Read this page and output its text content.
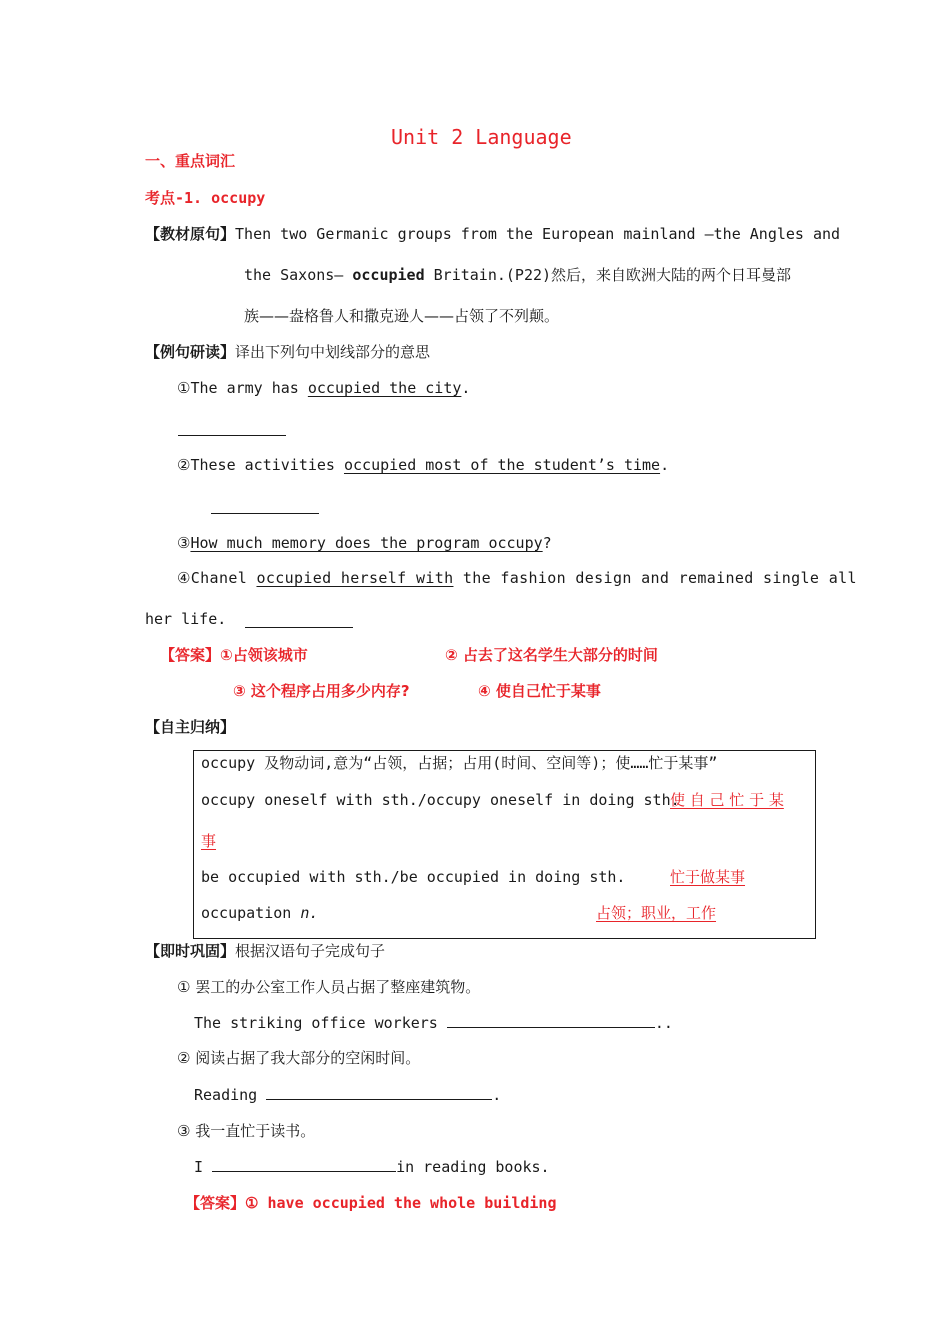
Unit 2 Language
一、重点词汇
考点-1. occupy
【教材原句】Then two Germanic groups from the European mainland —the Angles and
the Saxons— occupied Britain.(P22)然后，来自欧洲大陆的两个日耳曼部
族——盎格鲁人和撒克逊人——占领了不列颠。
【例句研读】译出下列句中划线部分的意思
①The army has occupied the city.
②These activities occupied most of the student’s time.
③How much memory does the program occupy?
④Chanel occupied herself with the fashion design and remained single all
her life.
【答案】①占领该城市	② 占去了这名学生大部分的时间
③ 这个程序占用多少内存?	④ 使自己忙于某事
【自主归纳】
occupy 及物动词,意为“占领，占据；占用(时间、空间等)；使……忙于某事”
occupy oneself with sth./occupy oneself in doing sth.
使 自 己 忙 于 某
事
be occupied with sth./be occupied in doing sth.	忙于做某事
occupation n.	占领；职业，工作
【即时巩固】根据汉语句子完成句子
① 罢工的办公室工作人员占据了整座建筑物。
The striking office workers	..
② 阅读占据了我大部分的空闲时间。
Reading	.
③ 我一直忙于读书。
I	in reading books.
【答案】① have occupied the whole building
